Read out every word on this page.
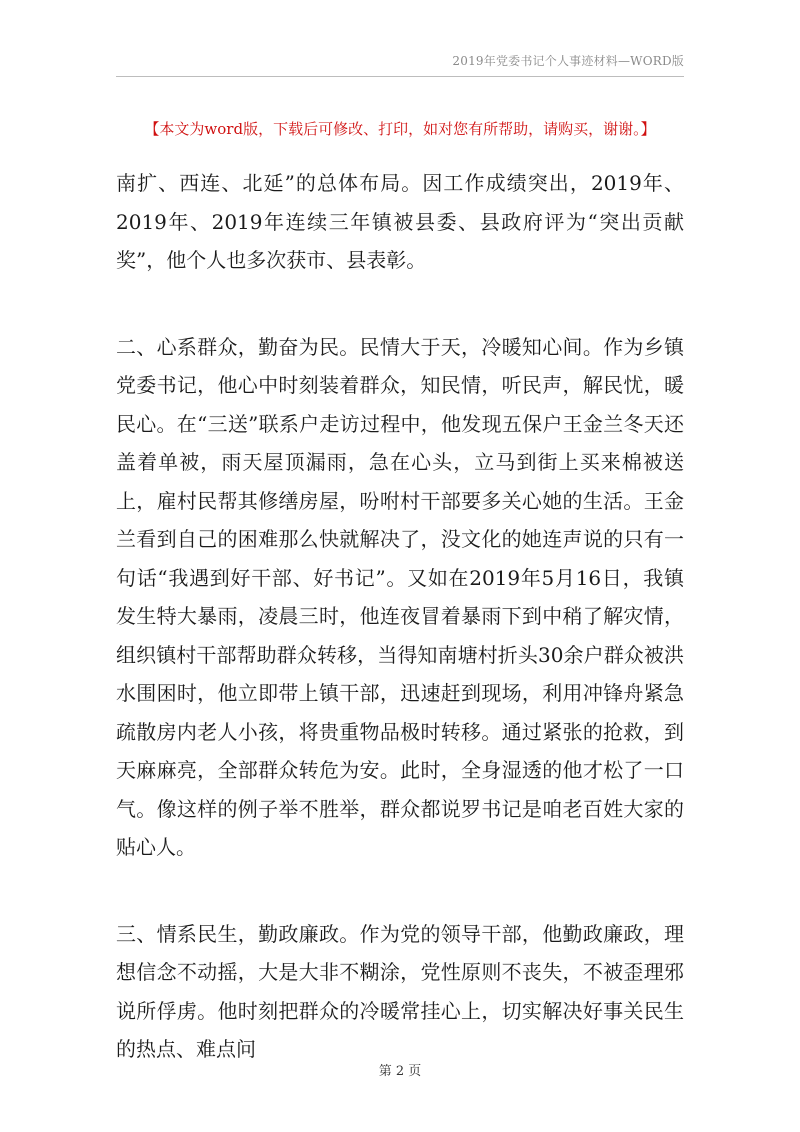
2019年党委书记个人事迹材料—WORD版
【本文为word版，下载后可修改、打印，如对您有所帮助，请购买，谢谢。】

南扩、西连、北延”的总体布局。因工作成绩突出，2019年、2019年、2019年连续三年镇被县委、县政府评为“突出贡献奖”，他个人也多次获市、县表彰。

二、心系群众，勤奋为民。民情大于天，冷暖知心间。作为乡镇党委书记，他心中时刻装着群众，知民情，听民声，解民忧，暖民心。在“三送”联系户走访过程中，他发现五保户王金兰冬天还盖着单被，雨天屋顶漏雨，急在心头，立马到街上买来棉被送上，雇村民帮其修缮房屋，吩咐村干部要多关心她的生活。王金兰看到自己的困难那么快就解决了，没文化的她连声说的只有一句话“我遇到好干部、好书记”。又如在2019年5月16日，我镇发生特大暴雨，凌晨三时，他连夜冒着暴雨下到中稍了解灾情，组织镇村干部帮助群众转移，当得知南塘村折头30余户群众被洪水围困时，他立即带上镇干部，迅速赶到现场，利用冲锋舟紧急疏散房内老人小孩，将贵重物品极时转移。通过紧张的抢救，到天麻麻亮，全部群众转危为安。此时，全身湿透的他才松了一口气。像这样的例子举不胜举，群众都说罗书记是咱老百姓大家的贴心人。

三、情系民生，勤政廉政。作为党的领导干部，他勤政廉政，理想信念不动摇，大是大非不糊涂，党性原则不丧失，不被歪理邪说所俘虏。他时刻把群众的冷暖常挂心上，切实解决好事关民生的热点、难点问

第 2 页
